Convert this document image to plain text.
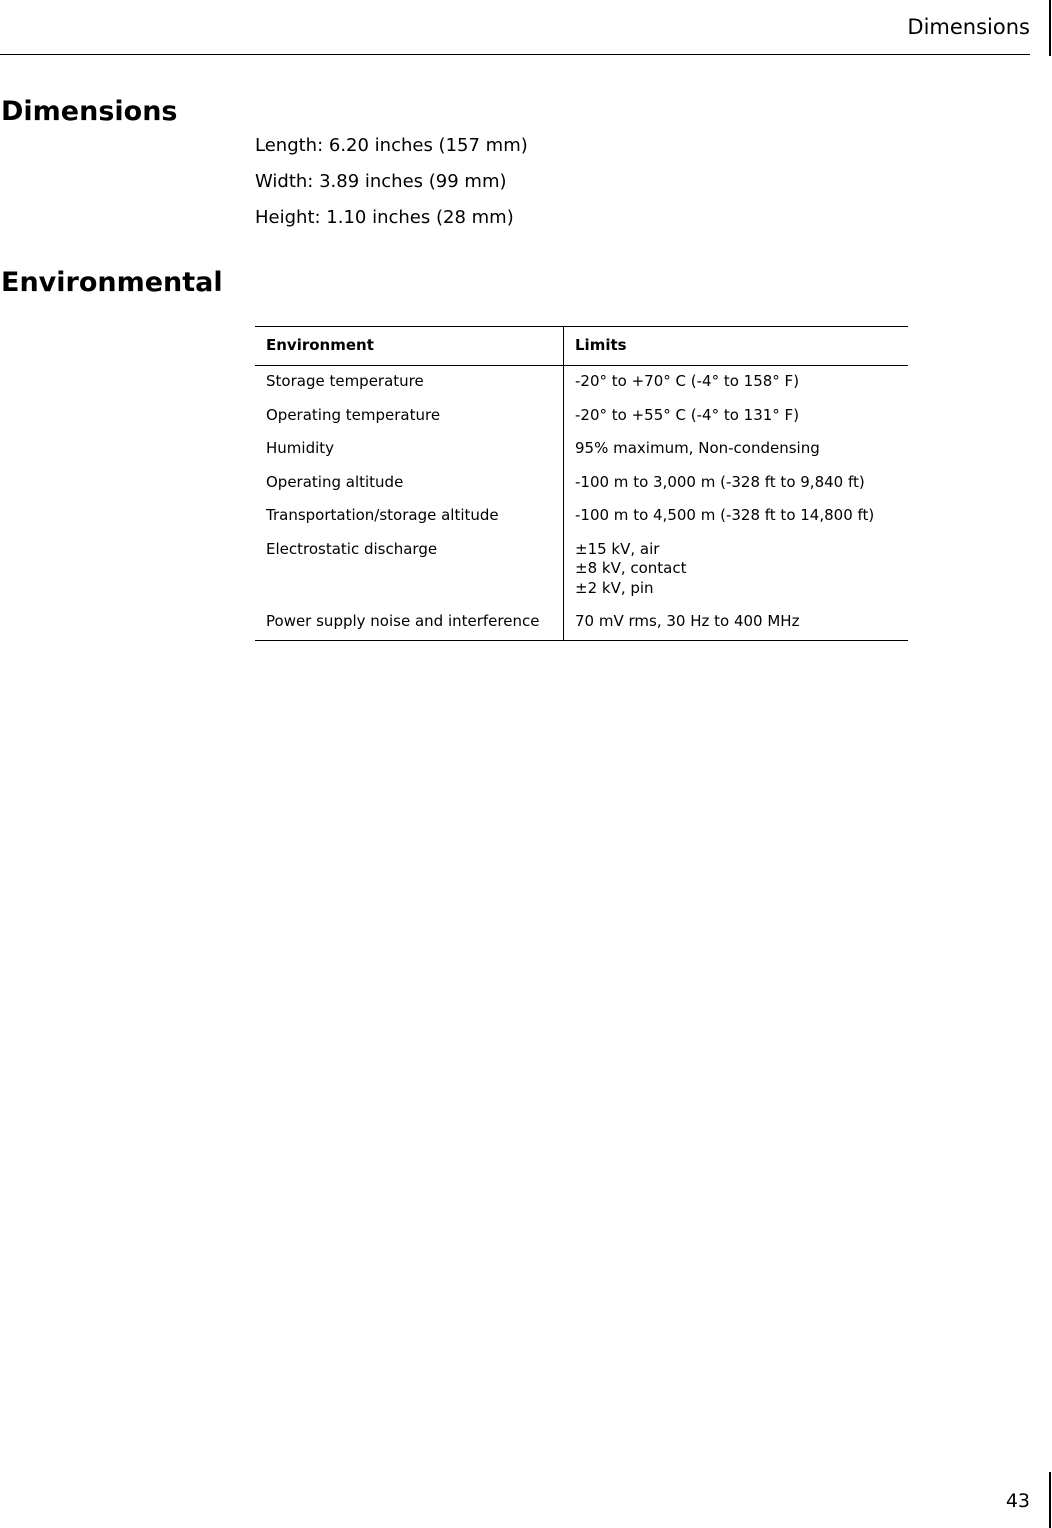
Dimensions
Dimensions
Length: 6.20 inches (157 mm)
Width: 3.89 inches (99 mm)
Height: 1.10 inches (28 mm)
Environmental
Environment	Limits
Storage temperature	-20° to +70° C (-4° to 158° F)

Operating temperature	-20° to +55° C (-4° to 131° F)

Humidity	95% maximum, Non-condensing

Operating altitude	-100 m to 3,000 m (-328 ft to 9,840 ft)

Transportation/storage altitude	-100 m to 4,500 m (-328 ft to 14,800 ft)

Electrostatic discharge	±15 kV, air
±8 kV, contact
±2 kV, pin

Power supply noise and interference	70 mV rms, 30 Hz to 400 MHz
43
